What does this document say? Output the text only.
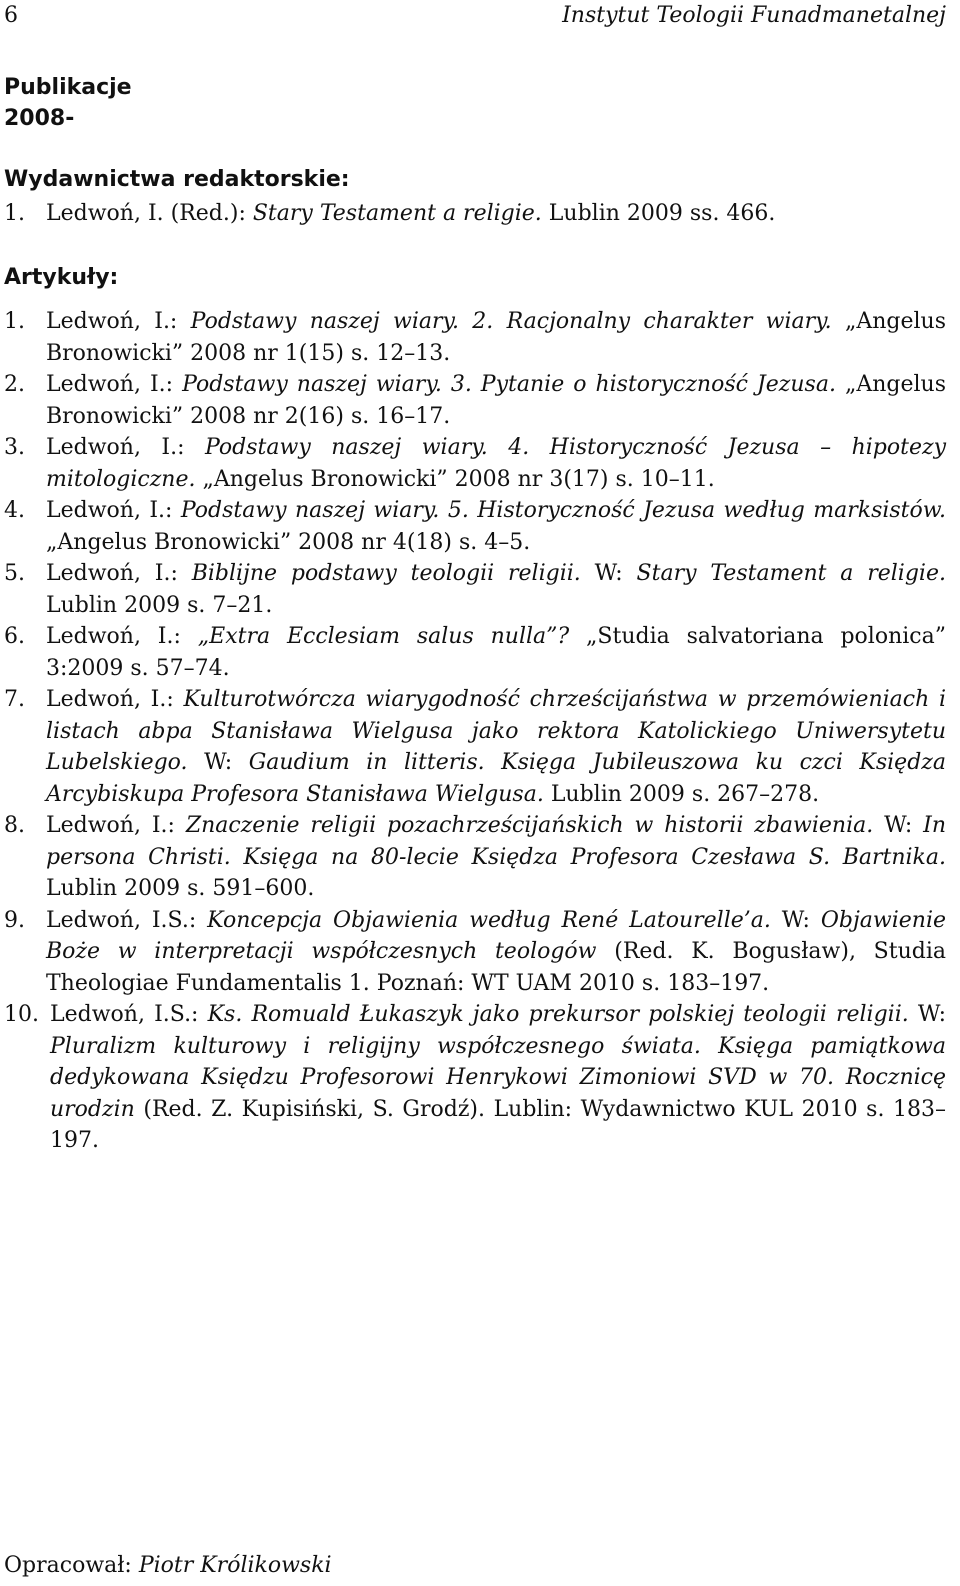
6	Instytut Teologii Funadmanetalnej
Publikacje
2008-
Wydawnictwa redaktorskie:
1. Ledwoń, I. (Red.): Stary Testament a religie. Lublin 2009 ss. 466.
Artykuły:
1. Ledwoń, I.: Podstawy naszej wiary. 2. Racjonalny charakter wiary. „Angelus Bronowicki” 2008 nr 1(15) s. 12–13.
2. Ledwoń, I.: Podstawy naszej wiary. 3. Pytanie o historyczność Jezusa. „Angelus Bronowicki” 2008 nr 2(16) s. 16–17.
3. Ledwoń, I.: Podstawy naszej wiary. 4. Historyczność Jezusa – hipotezy mitologiczne. „Angelus Bronowicki” 2008 nr 3(17) s. 10–11.
4. Ledwoń, I.: Podstawy naszej wiary. 5. Historyczność Jezusa według marksistów. „Angelus Bronowicki” 2008 nr 4(18) s. 4–5.
5. Ledwoń, I.: Biblijne podstawy teologii religii. W: Stary Testament a religie. Lublin 2009 s. 7–21.
6. Ledwoń, I.: „Extra Ecclesiam salus nulla”? „Studia salvatoriana polonica” 3:2009 s. 57–74.
7. Ledwoń, I.: Kulturotwórcza wiarygodność chrześcijaństwa w przemówieniach i listach abpa Stanisława Wielgusa jako rektora Katolickiego Uniwersytetu Lubelskiego. W: Gaudium in litteris. Księga Jubileuszowa ku czci Księdza Arcybiskupa Profesora Stanisława Wielgusa. Lublin 2009 s. 267–278.
8. Ledwoń, I.: Znaczenie religii pozachrześcijańskich w historii zbawienia. W: In persona Christi. Księga na 80-lecie Księdza Profesora Czesława S. Bartnika. Lublin 2009 s. 591–600.
9. Ledwoń, I.S.: Koncepcja Objawienia według René Latourelle’a. W: Objawienie Boże w interpretacji współczesnych teologów (Red. K. Bogusław), Studia Theologiae Fundamentalis 1. Poznań: WT UAM 2010 s. 183–197.
10. Ledwoń, I.S.: Ks. Romuald Łukaszyk jako prekursor polskiej teologii religii. W: Pluralizm kulturowy i religijny współczesnego świata. Księga pamiątkowa dedykowana Księdzu Profesorowi Henrykowi Zimoniowi SVD w 70. Rocznicę urodzin (Red. Z. Kupisiński, S. Grodź). Lublin: Wydawnictwo KUL 2010 s. 183–197.
Opracował: Piotr Królikowski
